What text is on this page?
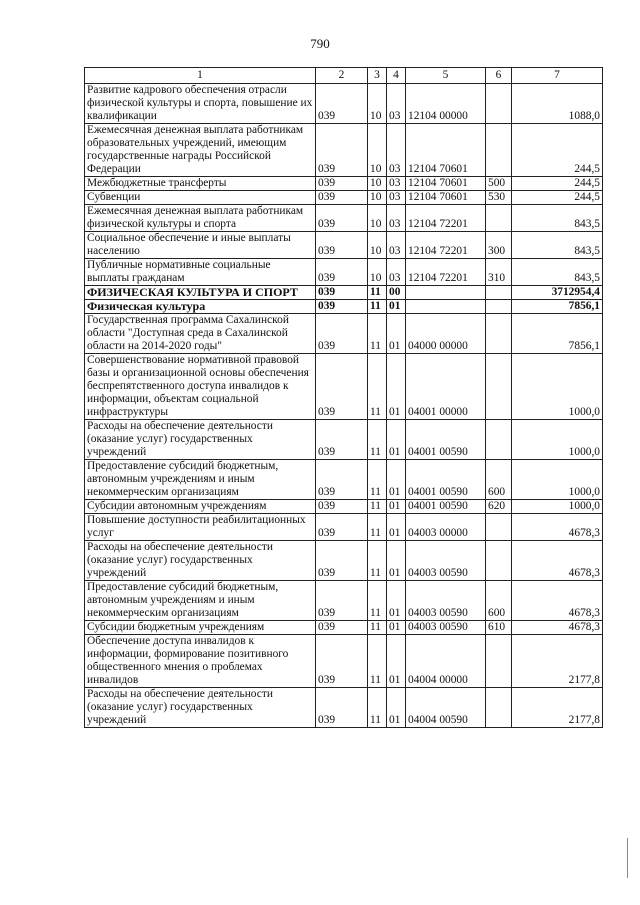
790
1	2	3	4	5	6	7
Развитие кадрового обеспечения отрасли физической культуры и спорта, повышение их квалификации	039	10	03	12104 00000		1088,0
Ежемесячная денежная выплата работникам образовательных учреждений, имеющим государственные награды Российской Федерации	039	10	03	12104 70601		244,5
Межбюджетные трансферты	039	10	03	12104 70601	500	244,5
Субвенции	039	10	03	12104 70601	530	244,5
Ежемесячная денежная выплата работникам физической культуры и спорта	039	10	03	12104 72201		843,5
Социальное обеспечение и иные выплаты населению	039	10	03	12104 72201	300	843,5
Публичные нормативные социальные выплаты гражданам	039	10	03	12104 72201	310	843,5
ФИЗИЧЕСКАЯ КУЛЬТУРА И СПОРТ	039	11	00			3712954,4
Физическая культура	039	11	01			7856,1
Государственная программа Сахалинской области "Доступная среда в Сахалинской области на 2014-2020 годы"	039	11	01	04000 00000		7856,1
Совершенствование нормативной правовой базы и организационной основы обеспечения беспрепятственного доступа инвалидов к информации, объектам социальной инфраструктуры	039	11	01	04001 00000		1000,0
Расходы на обеспечение деятельности (оказание услуг) государственных учреждений	039	11	01	04001 00590		1000,0
Предоставление субсидий бюджетным, автономным учреждениям и иным некоммерческим организациям	039	11	01	04001 00590	600	1000,0
Субсидии автономным учреждениям	039	11	01	04001 00590	620	1000,0
Повышение доступности реабилитационных услуг	039	11	01	04003 00000		4678,3
Расходы на обеспечение деятельности (оказание услуг) государственных учреждений	039	11	01	04003 00590		4678,3
Предоставление субсидий бюджетным, автономным учреждениям и иным некоммерческим организациям	039	11	01	04003 00590	600	4678,3
Субсидии бюджетным учреждениям	039	11	01	04003 00590	610	4678,3
Обеспечение доступа инвалидов к информации, формирование позитивного общественного мнения о проблемах инвалидов	039	11	01	04004 00000		2177,8
Расходы на обеспечение деятельности (оказание услуг) государственных учреждений	039	11	01	04004 00590		2177,8
